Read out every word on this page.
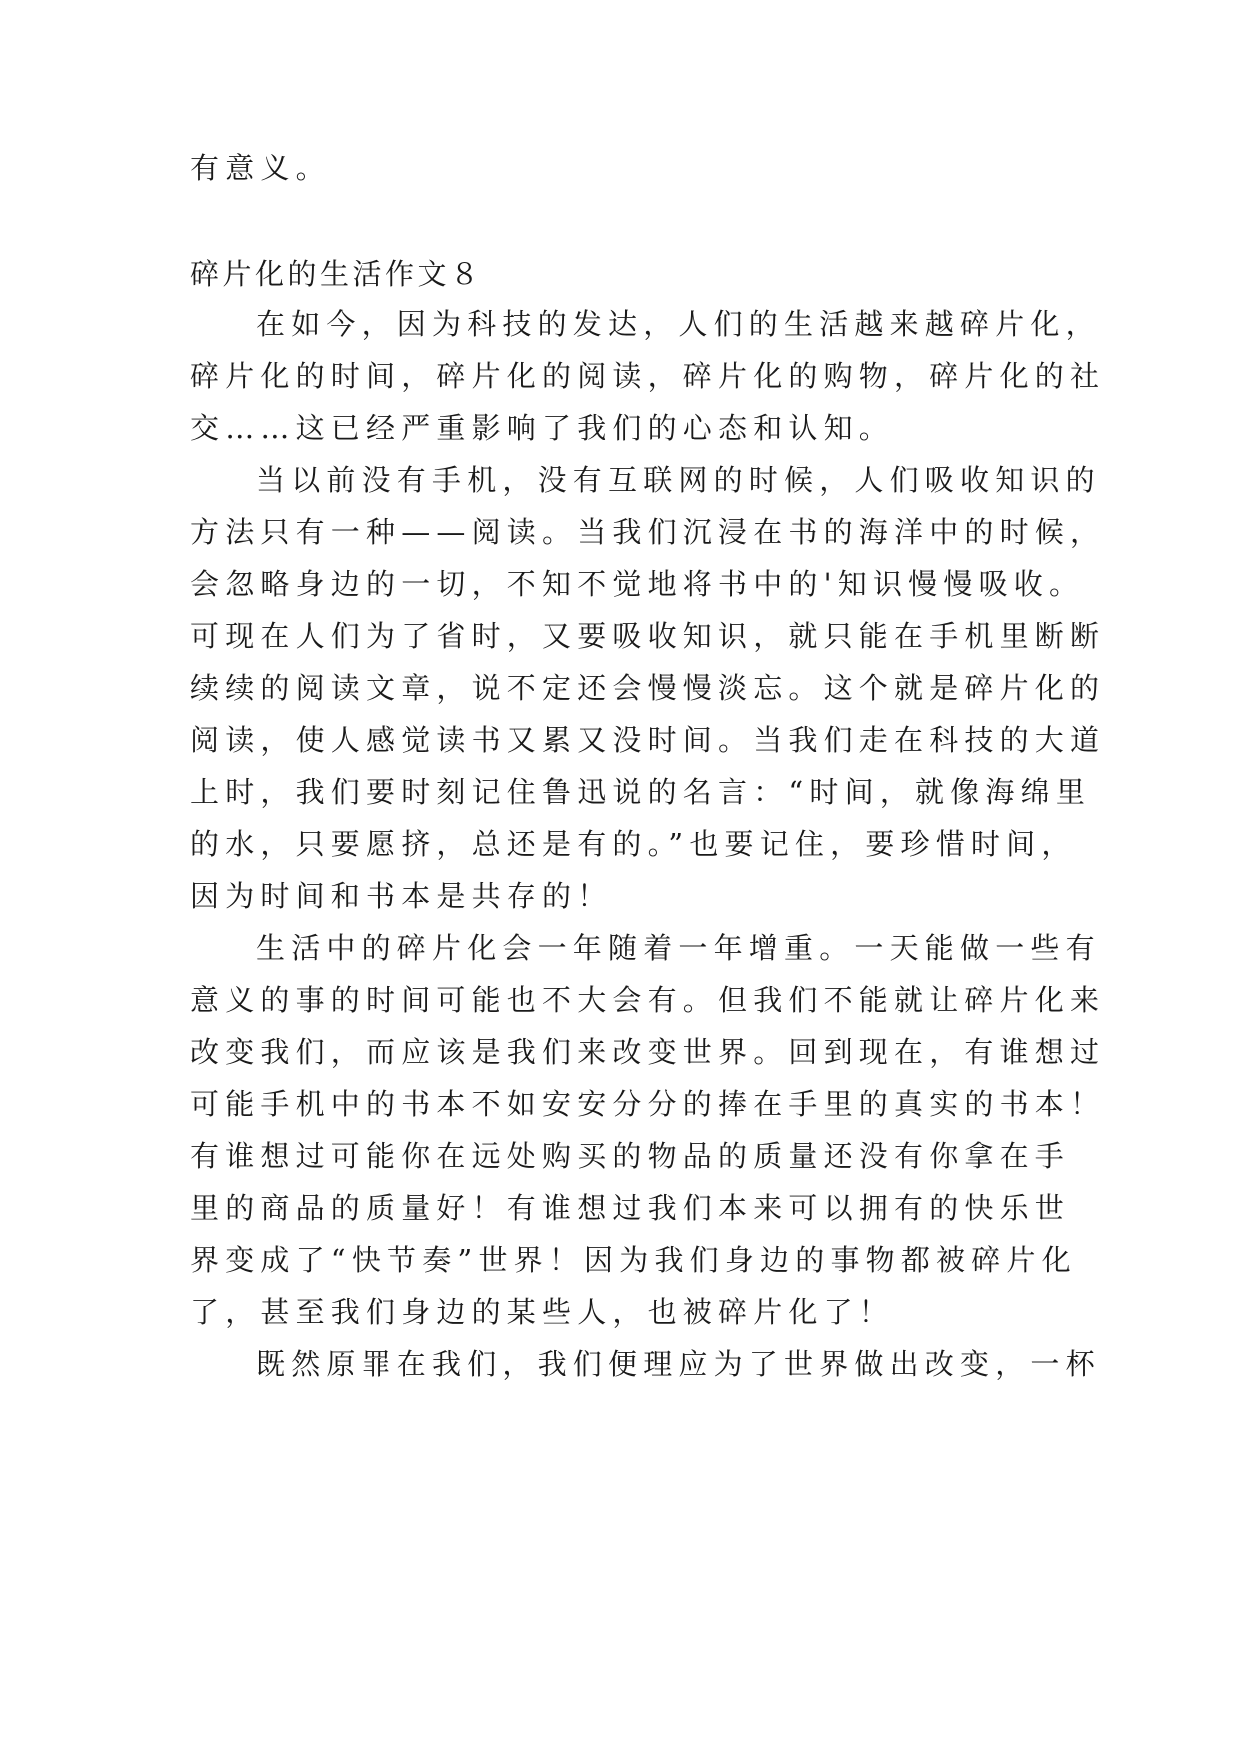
有意义。
碎片化的生活作文８
在如今，因为科技的发达，人们的生活越来越碎片化，
碎片化的时间，碎片化的阅读，碎片化的购物，碎片化的社
交……这已经严重影响了我们的心态和认知。
当以前没有手机，没有互联网的时候，人们吸收知识的
方法只有一种——阅读。当我们沉浸在书的海洋中的时候，
会忽略身边的一切，不知不觉地将书中的'知识慢慢吸收。
可现在人们为了省时，又要吸收知识，就只能在手机里断断
续续的阅读文章，说不定还会慢慢淡忘。这个就是碎片化的
阅读，使人感觉读书又累又没时间。当我们走在科技的大道
上时，我们要时刻记住鲁迅说的名言：“时间，就像海绵里
的水，只要愿挤，总还是有的。”也要记住，要珍惜时间，
因为时间和书本是共存的！
生活中的碎片化会一年随着一年增重。一天能做一些有
意义的事的时间可能也不大会有。但我们不能就让碎片化来
改变我们，而应该是我们来改变世界。回到现在，有谁想过
可能手机中的书本不如安安分分的捧在手里的真实的书本！
有谁想过可能你在远处购买的物品的质量还没有你拿在手
里的商品的质量好！有谁想过我们本来可以拥有的快乐世
界变成了“快节奏”世界！因为我们身边的事物都被碎片化
了，甚至我们身边的某些人，也被碎片化了！
既然原罪在我们，我们便理应为了世界做出改变，一杯
